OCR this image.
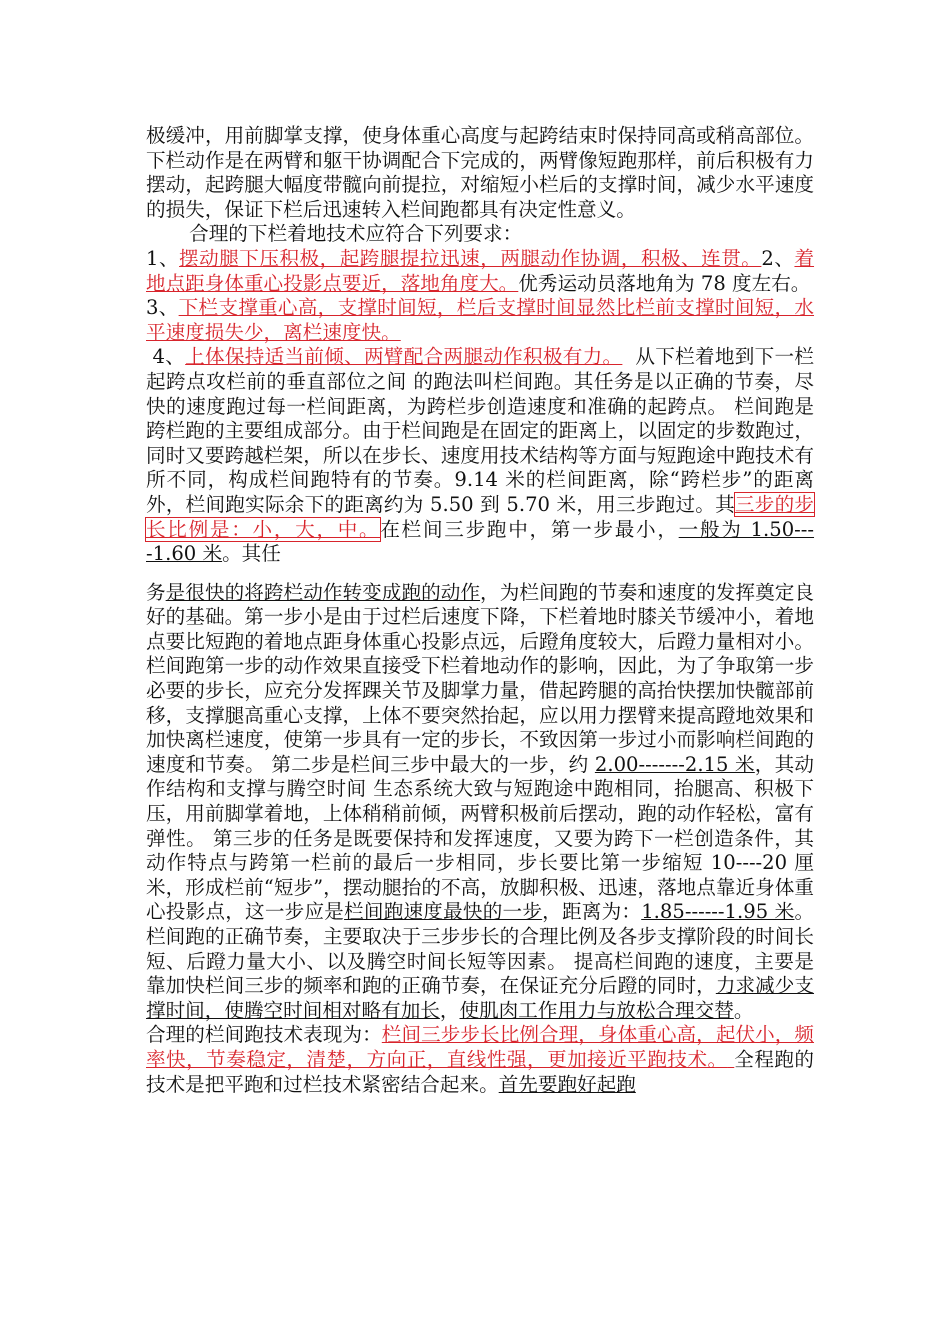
极缓冲，用前脚掌支撑，使身体重心高度与起跨结束时保持同高或稍高部位。下栏动作是在两臂和躯干协调配合下完成的，两臂像短跑那样，前后积极有力摆动，起跨腿大幅度带髋向前提拉，对缩短小栏后的支撑时间，减少水平速度的损失，保证下栏后迅速转入栏间跑都具有决定性意义。

合理的下栏着地技术应符合下列要求：

1、摆动腿下压积极，起跨腿提拉迅速，两腿动作协调，积极、连贯。2、着地点距身体重心投影点要近，落地角度大。优秀运动员落地角为 78 度左右。

3、下栏支撑重心高，支撑时间短，栏后支撑时间显然比栏前支撑时间短，水平速度损失少，离栏速度快。

4、上体保持适当前倾、两臂配合两腿动作积极有力。 从下栏着地到下一栏起跨点攻栏前的垂直部位之间 的跑法叫栏间跑。其任务是以正确的节奏，尽快的速度跑过每一栏间距离，为跨栏步创造速度和准确的起跨点。 栏间跑是跨栏跑的主要组成部分。由于栏间跑是在固定的距离上，以固定的步数跑过，同时又要跨越栏架，所以在步长、速度用技术结构等方面与短跑途中跑技术有所不同，构成栏间跑特有的节奏。9.14 米的栏间距离，除“跨栏步”的距离外，栏间跑实际余下的距离约为 5.50 到 5.70 米，用三步跑过。其三步的步长比例是：小，大，中。在栏间三步跑中，第一步最小，一般为 1.50----1.60 米。其任

务是很快的将跨栏动作转变成跑的动作，为栏间跑的节奏和速度的发挥奠定良好的基础。第一步小是由于过栏后速度下降，下栏着地时膝关节缓冲小，着地点要比短跑的着地点距身体重心投影点远，后蹬角度较大，后蹬力量相对小。 栏间跑第一步的动作效果直接受下栏着地动作的影响，因此，为了争取第一步必要的步长，应充分发挥踝关节及脚掌力量，借起跨腿的高抬快摆加快髋部前移，支撑腿高重心支撑，上体不要突然抬起，应以用力摆臂来提高蹬地效果和加快离栏速度，使第一步具有一定的步长，不致因第一步过小而影响栏间跑的速度和节奏。 第二步是栏间三步中最大的一步，约 2.00-------2.15 米，其动作结构和支撑与腾空时间 生态系统大致与短跑途中跑相同，抬腿高、积极下压，用前脚掌着地，上体稍稍前倾，两臂积极前后摆动，跑的动作轻松，富有弹性。 第三步的任务是既要保持和发挥速度，又要为跨下一栏创造条件，其动作特点与跨第一栏前的最后一步相同，步长要比第一步缩短 10----20 厘米，形成栏前“短步”，摆动腿抬的不高，放脚积极、迅速，落地点靠近身体重心投影点，这一步应是栏间跑速度最快的一步，距离为：1.85------1.95 米。 栏间跑的正确节奏，主要取决于三步步长的合理比例及各步支撑阶段的时间长短、后蹬力量大小、以及腾空时间长短等因素。 提高栏间跑的速度，主要是靠加快栏间三步的频率和跑的正确节奏，在保证充分后蹬的同时，力求减少支撑时间，使腾空时间相对略有加长，使肌肉工作用力与放松合理交替。

合理的栏间跑技术表现为：栏间三步步长比例合理，身体重心高，起伏小，频率快，节奏稳定，清楚，方向正，直线性强，更加接近平跑技术。 全程跑的技术是把平跑和过栏技术紧密结合起来。首先要跑好起跑
